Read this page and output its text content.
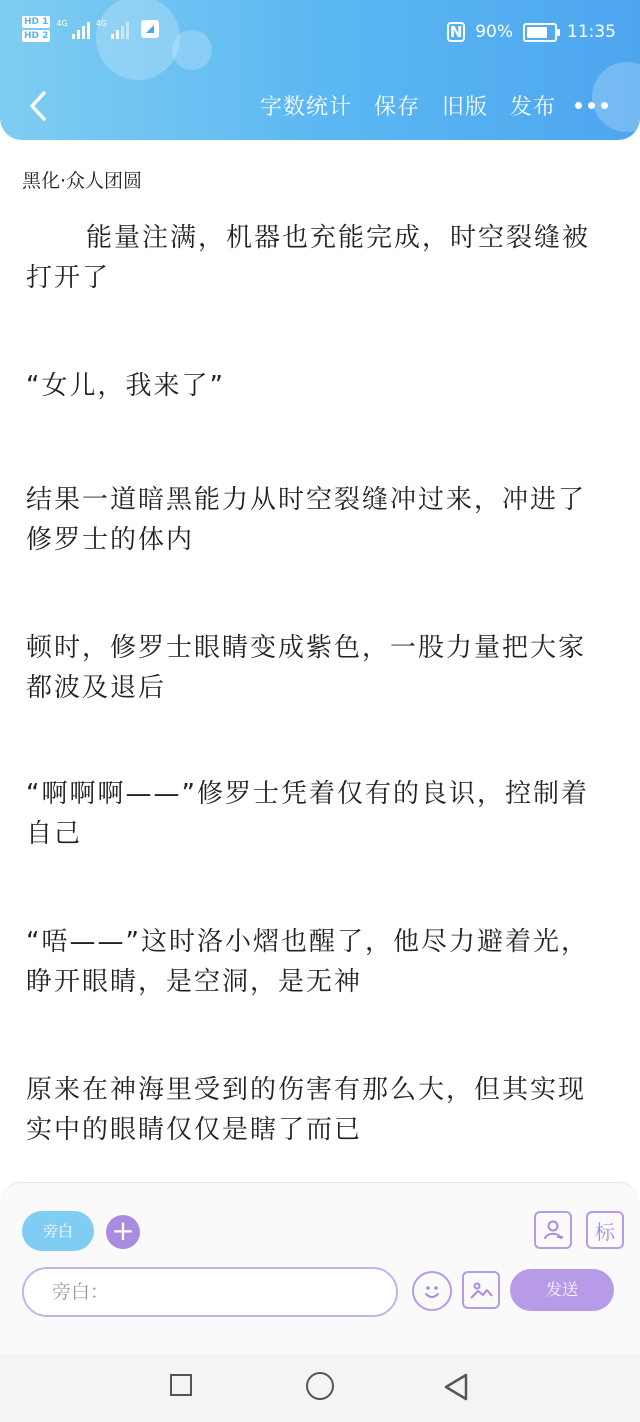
HD 1
HD 2
4G	4G	N 90%	11:35
字数统计 保存 旧版 发布
黑化·众人团圆

能量注满，机器也充能完成，时空裂缝被打开了

“女儿，我来了”

结果一道暗黑能力从时空裂缝冲过来，冲进了修罗士的体内

顿时，修罗士眼睛变成紫色，一股力量把大家都波及退后

“啊啊啊——”修罗士凭着仅有的良识，控制着自己

“唔——”这时洛小熠也醒了，他尽力避着光，睁开眼睛，是空洞，是无神

原来在神海里受到的伤害有那么大，但其实现实中的眼睛仅仅是瞎了而已

旁白	+	标
旁白：	发送
